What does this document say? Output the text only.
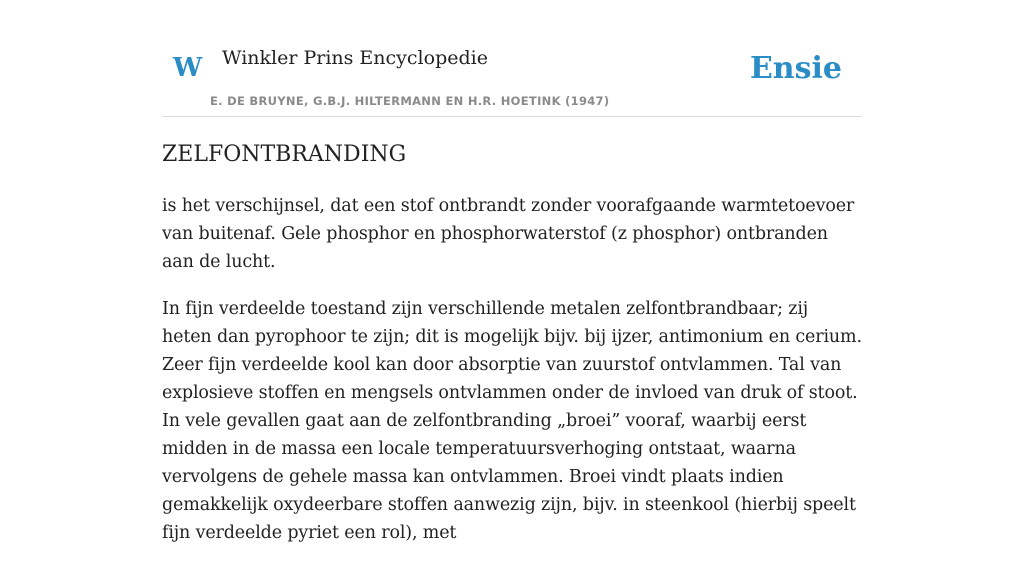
W Winkler Prins Encyclopedie
E. DE BRUYNE, G.B.J. HILTERMANN EN H.R. HOETINK (1947)
Ensie
ZELFONTBRANDING

is het verschijnsel, dat een stof ontbrandt zonder voorafgaande warmtetoevoer van buitenaf. Gele phosphor en phosphorwaterstof (z phosphor) ontbranden aan de lucht.

In fijn verdeelde toestand zijn verschillende metalen zelfontbrandbaar; zij heten dan pyrophoor te zijn; dit is mogelijk bijv. bij ijzer, antimonium en cerium. Zeer fijn verdeelde kool kan door absorptie van zuurstof ontvlammen. Tal van explosieve stoffen en mengsels ontvlammen onder de invloed van druk of stoot. In vele gevallen gaat aan de zelfontbranding „broei” vooraf, waarbij eerst midden in de massa een locale temperatuursverhoging ontstaat, waarna vervolgens de gehele massa kan ontvlammen. Broei vindt plaats indien gemakkelijk oxydeerbare stoffen aanwezig zijn, bijv. in steenkool (hierbij speelt fijn verdeelde pyriet een rol), met
